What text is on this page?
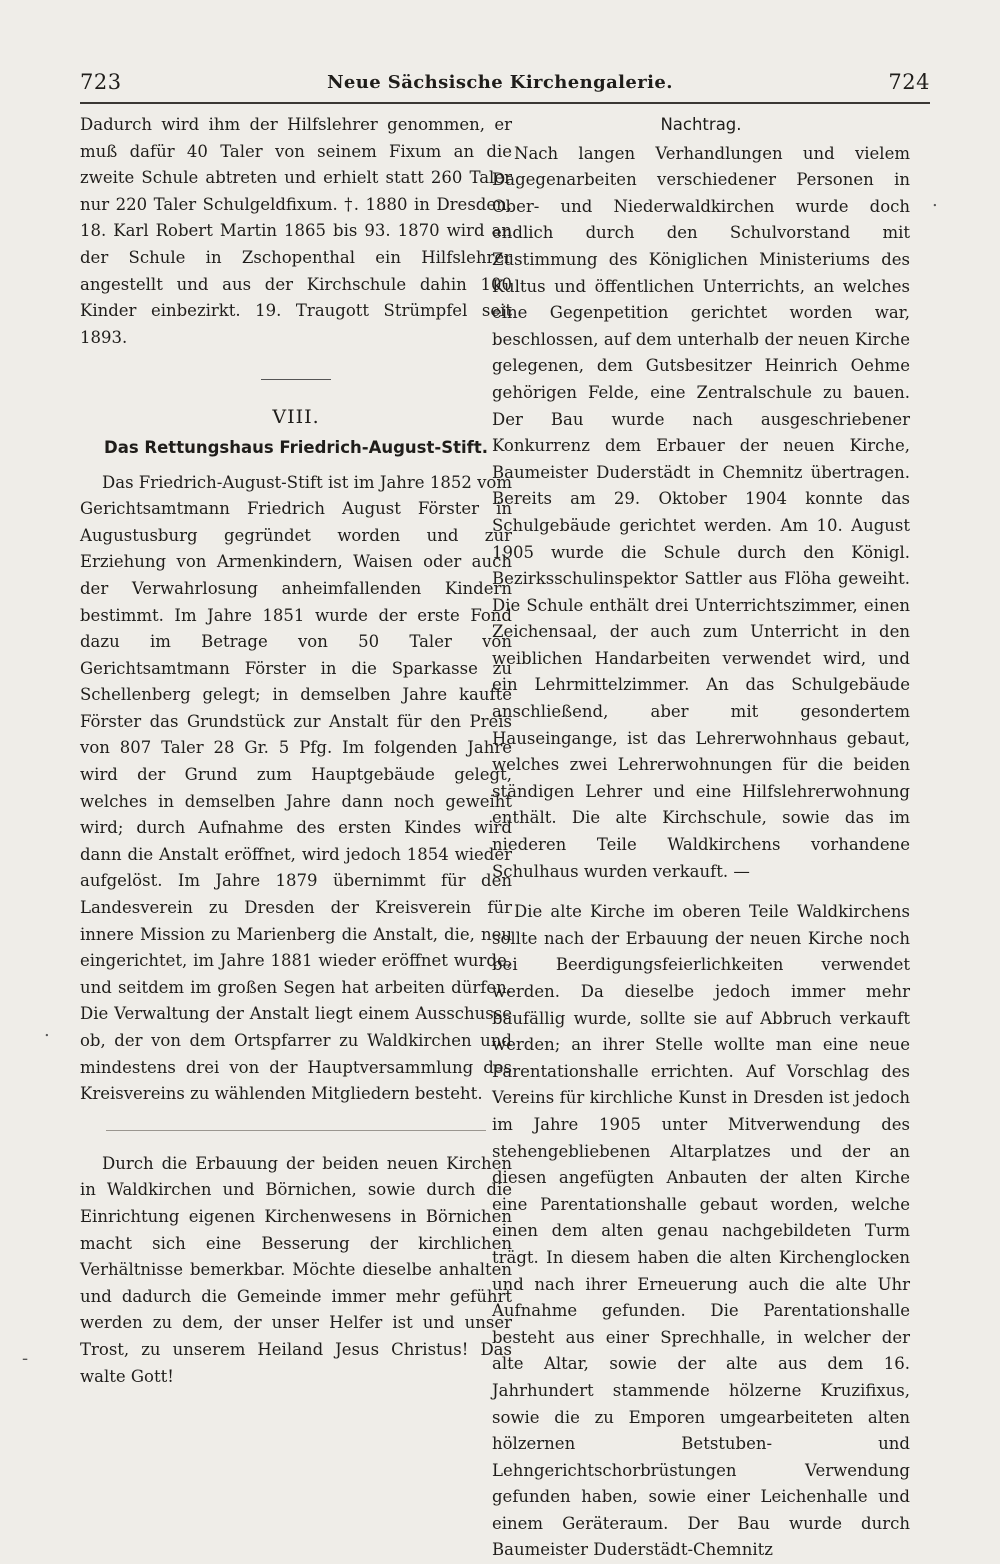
723	Neue Sächsische Kirchengalerie.	724

Dadurch wird ihm der Hilfslehrer genommen, er muß dafür 40 Taler von seinem Fixum an die zweite Schule abtreten und erhielt statt 260 Taler nur 220 Taler Schulgeldfixum. †. 1880 in Dresden. 18. Karl Robert Martin 1865 bis 93. 1870 wird an der Schule in Zschopenthal ein Hilfslehrer angestellt und aus der Kirchschule dahin 100 Kinder einbezirkt. 19. Traugott Strümpfel seit 1893.

VIII.
Das Rettungshaus Friedrich-August-Stift.

Das Friedrich-August-Stift ist im Jahre 1852 vom Gerichtsamtmann Friedrich August Förster in Augustusburg gegründet worden und zur Erziehung von Armenkindern, Waisen oder auch der Verwahrlosung anheimfallenden Kindern bestimmt. Im Jahre 1851 wurde der erste Fond dazu im Betrage von 50 Taler von Gerichtsamtmann Förster in die Sparkasse zu Schellenberg gelegt; in demselben Jahre kaufte Förster das Grundstück zur Anstalt für den Preis von 807 Taler 28 Gr. 5 Pfg. Im folgenden Jahre wird der Grund zum Hauptgebäude gelegt, welches in demselben Jahre dann noch geweiht wird; durch Aufnahme des ersten Kindes wird dann die Anstalt eröffnet, wird jedoch 1854 wieder aufgelöst. Im Jahre 1879 übernimmt für den Landesverein zu Dresden der Kreisverein für innere Mission zu Marienberg die Anstalt, die, neu eingerichtet, im Jahre 1881 wieder eröffnet wurde, und seitdem im großen Segen hat arbeiten dürfen. Die Verwaltung der Anstalt liegt einem Ausschusse ob, der von dem Ortspfarrer zu Waldkirchen und mindestens drei von der Hauptversammlung des Kreisvereins zu wählenden Mitgliedern besteht.

Durch die Erbauung der beiden neuen Kirchen in Waldkirchen und Börnichen, sowie durch die Einrichtung eigenen Kirchenwesens in Börnichen macht sich eine Besserung der kirchlichen Verhältnisse bemerkbar. Möchte dieselbe anhalten und dadurch die Gemeinde immer mehr geführt werden zu dem, der unser Helfer ist und unser Trost, zu unserem Heiland Jesus Christus! Das walte Gott!

Nachtrag.

Nach langen Verhandlungen und vielem Dagegenarbeiten verschiedener Personen in Ober- und Niederwaldkirchen wurde doch endlich durch den Schulvorstand mit Zustimmung des Königlichen Ministeriums des Kultus und öffentlichen Unterrichts, an welches eine Gegenpetition gerichtet worden war, beschlossen, auf dem unterhalb der neuen Kirche gelegenen, dem Gutsbesitzer Heinrich Oehme gehörigen Felde, eine Zentralschule zu bauen. Der Bau wurde nach ausgeschriebener Konkurrenz dem Erbauer der neuen Kirche, Baumeister Duderstädt in Chemnitz übertragen. Bereits am 29. Oktober 1904 konnte das Schulgebäude gerichtet werden. Am 10. August 1905 wurde die Schule durch den Königl. Bezirksschulinspektor Sattler aus Flöha geweiht. Die Schule enthält drei Unterrichtszimmer, einen Zeichensaal, der auch zum Unterricht in den weiblichen Handarbeiten verwendet wird, und ein Lehrmittelzimmer. An das Schulgebäude anschließend, aber mit gesondertem Hauseingange, ist das Lehrerwohnhaus gebaut, welches zwei Lehrerwohnungen für die beiden ständigen Lehrer und eine Hilfslehrerwohnung enthält. Die alte Kirchschule, sowie das im niederen Teile Waldkirchens vorhandene Schulhaus wurden verkauft. —

Die alte Kirche im oberen Teile Waldkirchens sollte nach der Erbauung der neuen Kirche noch bei Beerdigungsfeierlichkeiten verwendet werden. Da dieselbe jedoch immer mehr baufällig wurde, sollte sie auf Abbruch verkauft werden; an ihrer Stelle wollte man eine neue Parentationshalle errichten. Auf Vorschlag des Vereins für kirchliche Kunst in Dresden ist jedoch im Jahre 1905 unter Mitverwendung des stehengebliebenen Altarplatzes und der an diesen angefügten Anbauten der alten Kirche eine Parentationshalle gebaut worden, welche einen dem alten genau nachgebildeten Turm trägt. In diesem haben die alten Kirchenglocken und nach ihrer Erneuerung auch die alte Uhr Aufnahme gefunden. Die Parentationshalle besteht aus einer Sprechhalle, in welcher der alte Altar, sowie der alte aus dem 16. Jahrhundert stammende hölzerne Kruzifixus, sowie die zu Emporen umgearbeiteten alten hölzernen Betstuben- und Lehngerichtschorbrüstungen Verwendung gefunden haben, sowie einer Leichenhalle und einem Geräteraum. Der Bau wurde durch Baumeister Duderstädt-Chemnitz

.
.
-
